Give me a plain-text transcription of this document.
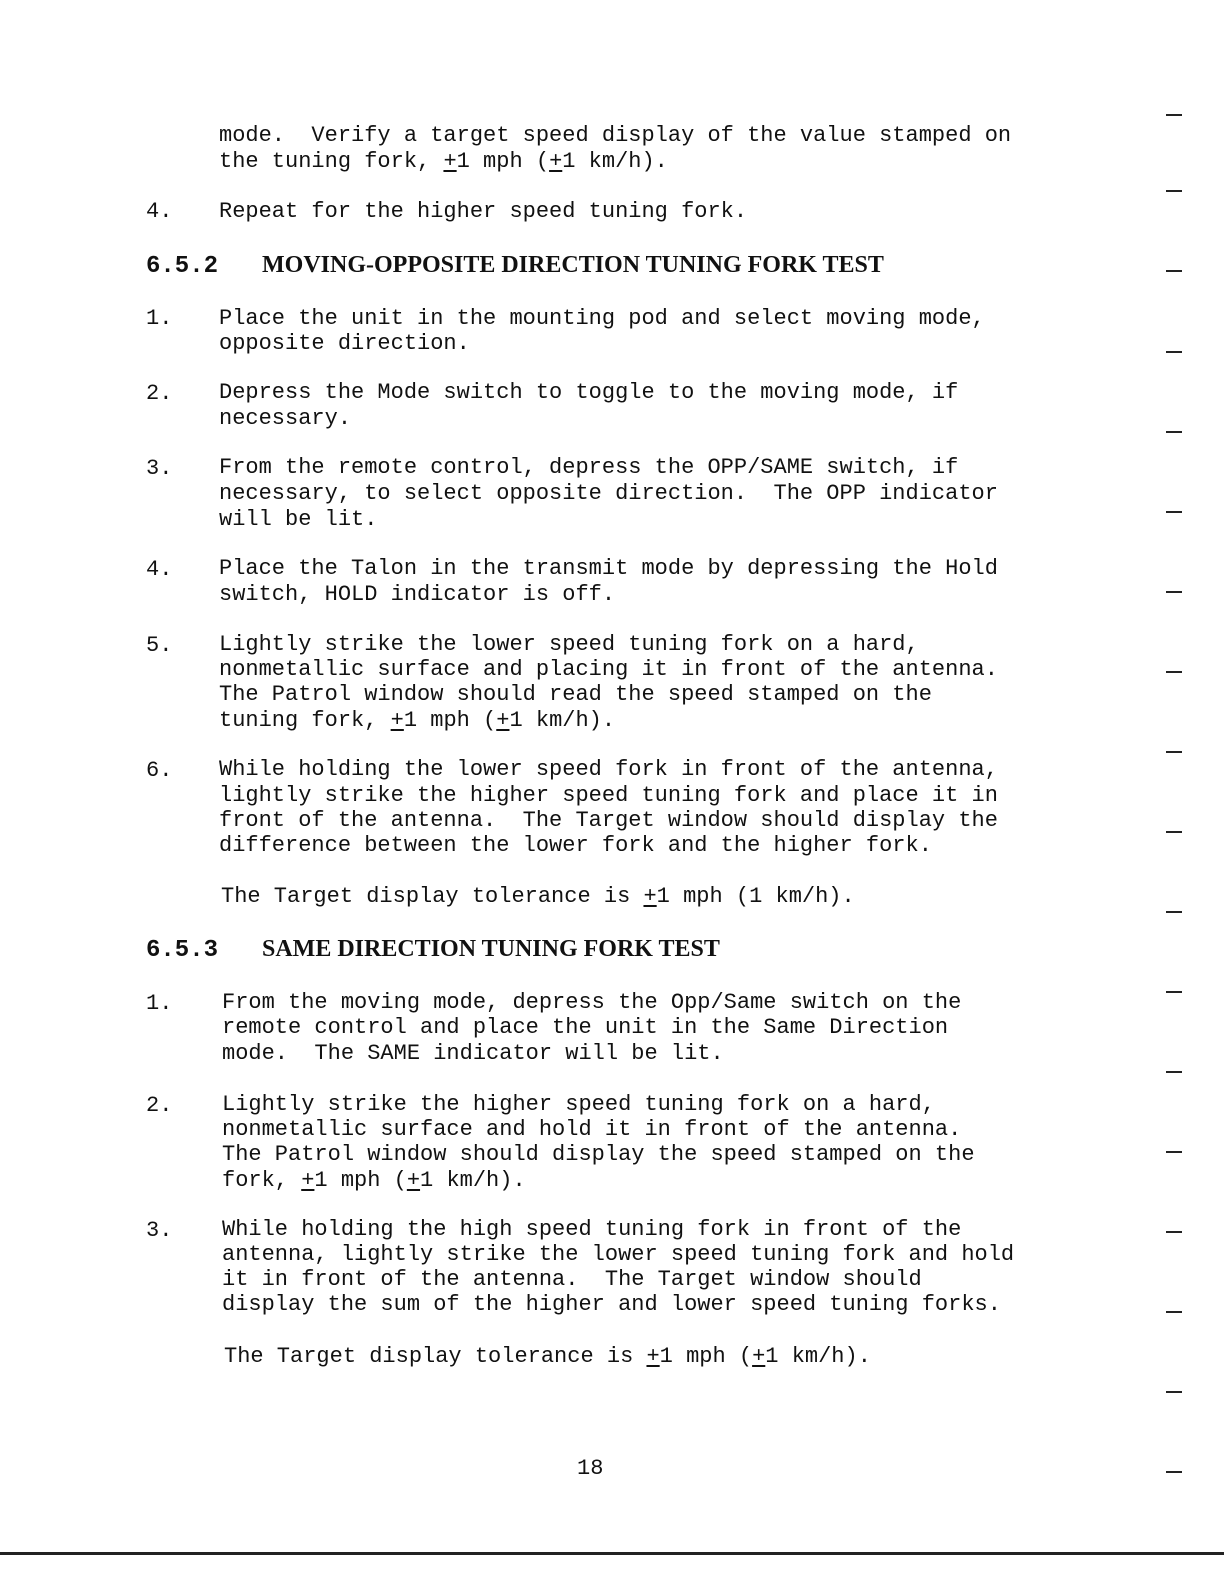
mode.  Verify a target speed display of the value stamped on
the tuning fork, +1 mph (+1 km/h).
4. Repeat for the higher speed tuning fork.
6.5.2 MOVING-OPPOSITE DIRECTION TUNING FORK TEST
1. Place the unit in the mounting pod and select moving mode,
opposite direction.
2. Depress the Mode switch to toggle to the moving mode, if
necessary.
3. From the remote control, depress the OPP/SAME switch, if
necessary, to select opposite direction.  The OPP indicator
will be lit.
4. Place the Talon in the transmit mode by depressing the Hold
switch, HOLD indicator is off.
5. Lightly strike the lower speed tuning fork on a hard,
nonmetallic surface and placing it in front of the antenna.
The Patrol window should read the speed stamped on the
tuning fork, +1 mph (+1 km/h).
6. While holding the lower speed fork in front of the antenna,
lightly strike the higher speed tuning fork and place it in
front of the antenna.  The Target window should display the
difference between the lower fork and the higher fork.
The Target display tolerance is +1 mph (1 km/h).
6.5.3 SAME DIRECTION TUNING FORK TEST
1. From the moving mode, depress the Opp/Same switch on the
remote control and place the unit in the Same Direction
mode.  The SAME indicator will be lit.
2. Lightly strike the higher speed tuning fork on a hard,
nonmetallic surface and hold it in front of the antenna.
The Patrol window should display the speed stamped on the
fork, +1 mph (+1 km/h).
3. While holding the high speed tuning fork in front of the
antenna, lightly strike the lower speed tuning fork and hold
it in front of the antenna.  The Target window should
display the sum of the higher and lower speed tuning forks.
The Target display tolerance is +1 mph (+1 km/h).
18
